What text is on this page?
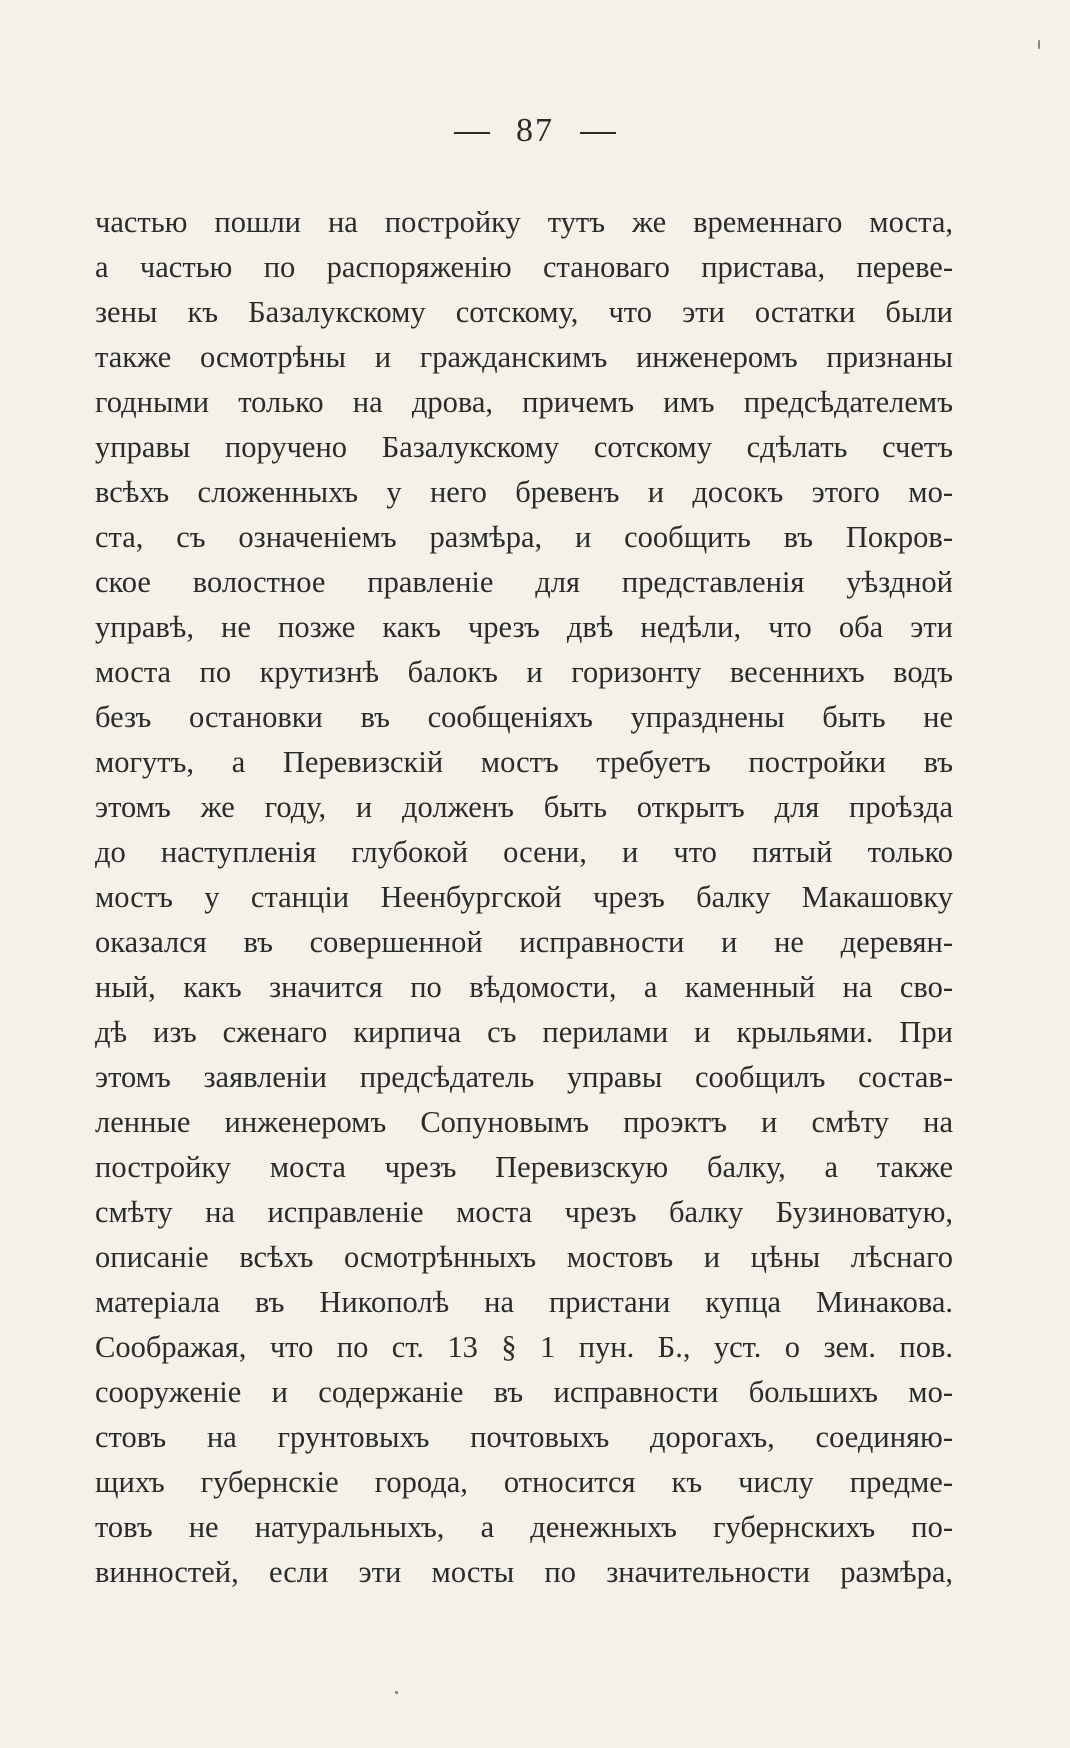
87
частью пошли на постройку тутъ же временнаго моста,
а частью по распоряженію становаго пристава, переве-
зены къ Базалукскому сотскому, что эти остатки были
также осмотрѣны и гражданскимъ инженеромъ признаны
годными только на дрова, причемъ имъ предсѣдателемъ
управы поручено Базалукскому сотскому сдѣлать счетъ
всѣхъ сложенныхъ у него бревенъ и досокъ этого мо-
ста, съ означеніемъ размѣра, и сообщить въ Покров-
ское волостное правленіе для представленія уѣздной
управѣ, не позже какъ чрезъ двѣ недѣли, что оба эти
моста по крутизнѣ балокъ и горизонту весеннихъ водъ
безъ остановки въ сообщеніяхъ упразднены быть не
могутъ, а Перевизскій мостъ требуетъ постройки въ
этомъ же году, и долженъ быть открытъ для проѣзда
до наступленія глубокой осени, и что пятый только
мостъ у станціи Неенбургской чрезъ балку Макашовку
оказался въ совершенной исправности и не деревян-
ный, какъ значится по вѣдомости, а каменный на сво-
дѣ изъ сженаго кирпича съ перилами и крыльями. При
этомъ заявленіи предсѣдатель управы сообщилъ состав-
ленные инженеромъ Сопуновымъ проэктъ и смѣту на
постройку моста чрезъ Перевизскую балку, а также
смѣту на исправленіе моста чрезъ балку Бузиноватую,
описаніе всѣхъ осмотрѣнныхъ мостовъ и цѣны лѣснаго
матеріала въ Никополѣ на пристани купца Минакова.
Соображая, что по ст. 13 § 1 пун. Б., уст. о зем. пов.
сооруженіе и содержаніе въ исправности большихъ мо-
стовъ на грунтовыхъ почтовыхъ дорогахъ, соединяю-
щихъ губернскіе города, относится къ числу предме-
товъ не натуральныхъ, а денежныхъ губернскихъ по-
винностей, если эти мосты по значительности размѣра,
